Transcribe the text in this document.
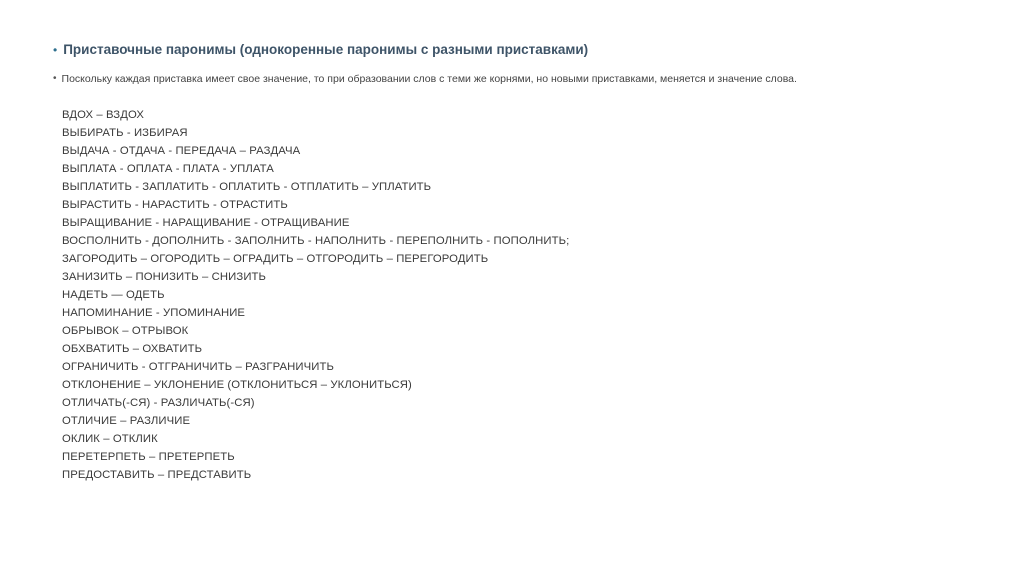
• Приставочные паронимы (однокоренные паронимы с разными приставками)
• Поскольку каждая приставка имеет свое значение, то при образовании слов с теми же корнями, но новыми приставками, меняется и значение слова.
ВДОХ – ВЗДОХ
ВЫБИРАТЬ - ИЗБИРАЯ
ВЫДАЧА - ОТДАЧА - ПЕРЕДАЧА – РАЗДАЧА
ВЫПЛАТА - ОПЛАТА - ПЛАТА - УПЛАТА
ВЫПЛАТИТЬ - ЗАПЛАТИТЬ - ОПЛАТИТЬ - ОТПЛАТИТЬ – УПЛАТИТЬ
ВЫРАСТИТЬ - НАРАСТИТЬ - ОТРАСТИТЬ
ВЫРАЩИВАНИЕ - НАРАЩИВАНИЕ - ОТРАЩИВАНИЕ
ВОСПОЛНИТЬ - ДОПОЛНИТЬ - ЗАПОЛНИТЬ - НАПОЛНИТЬ - ПЕРЕПОЛНИТЬ - ПОПОЛНИТЬ;
ЗАГОРОДИТЬ – ОГОРОДИТЬ – ОГРАДИТЬ – ОТГОРОДИТЬ – ПЕРЕГОРОДИТЬ
ЗАНИЗИТЬ – ПОНИЗИТЬ – СНИЗИТЬ
НАДЕТЬ — ОДЕТЬ
НАПОМИНАНИЕ - УПОМИНАНИЕ
ОБРЫВОК – ОТРЫВОК
ОБХВАТИТЬ – ОХВАТИТЬ
ОГРАНИЧИТЬ - ОТГРАНИЧИТЬ – РАЗГРАНИЧИТЬ
ОТКЛОНЕНИЕ – УКЛОНЕНИЕ (ОТКЛОНИТЬСЯ – УКЛОНИТЬСЯ)
ОТЛИЧАТЬ(-СЯ) - РАЗЛИЧАТЬ(-СЯ)
ОТЛИЧИЕ – РАЗЛИЧИЕ
ОКЛИК – ОТКЛИК
ПЕРЕТЕРПЕТЬ – ПРЕТЕРПЕТЬ
ПРЕДОСТАВИТЬ – ПРЕДСТАВИТЬ
